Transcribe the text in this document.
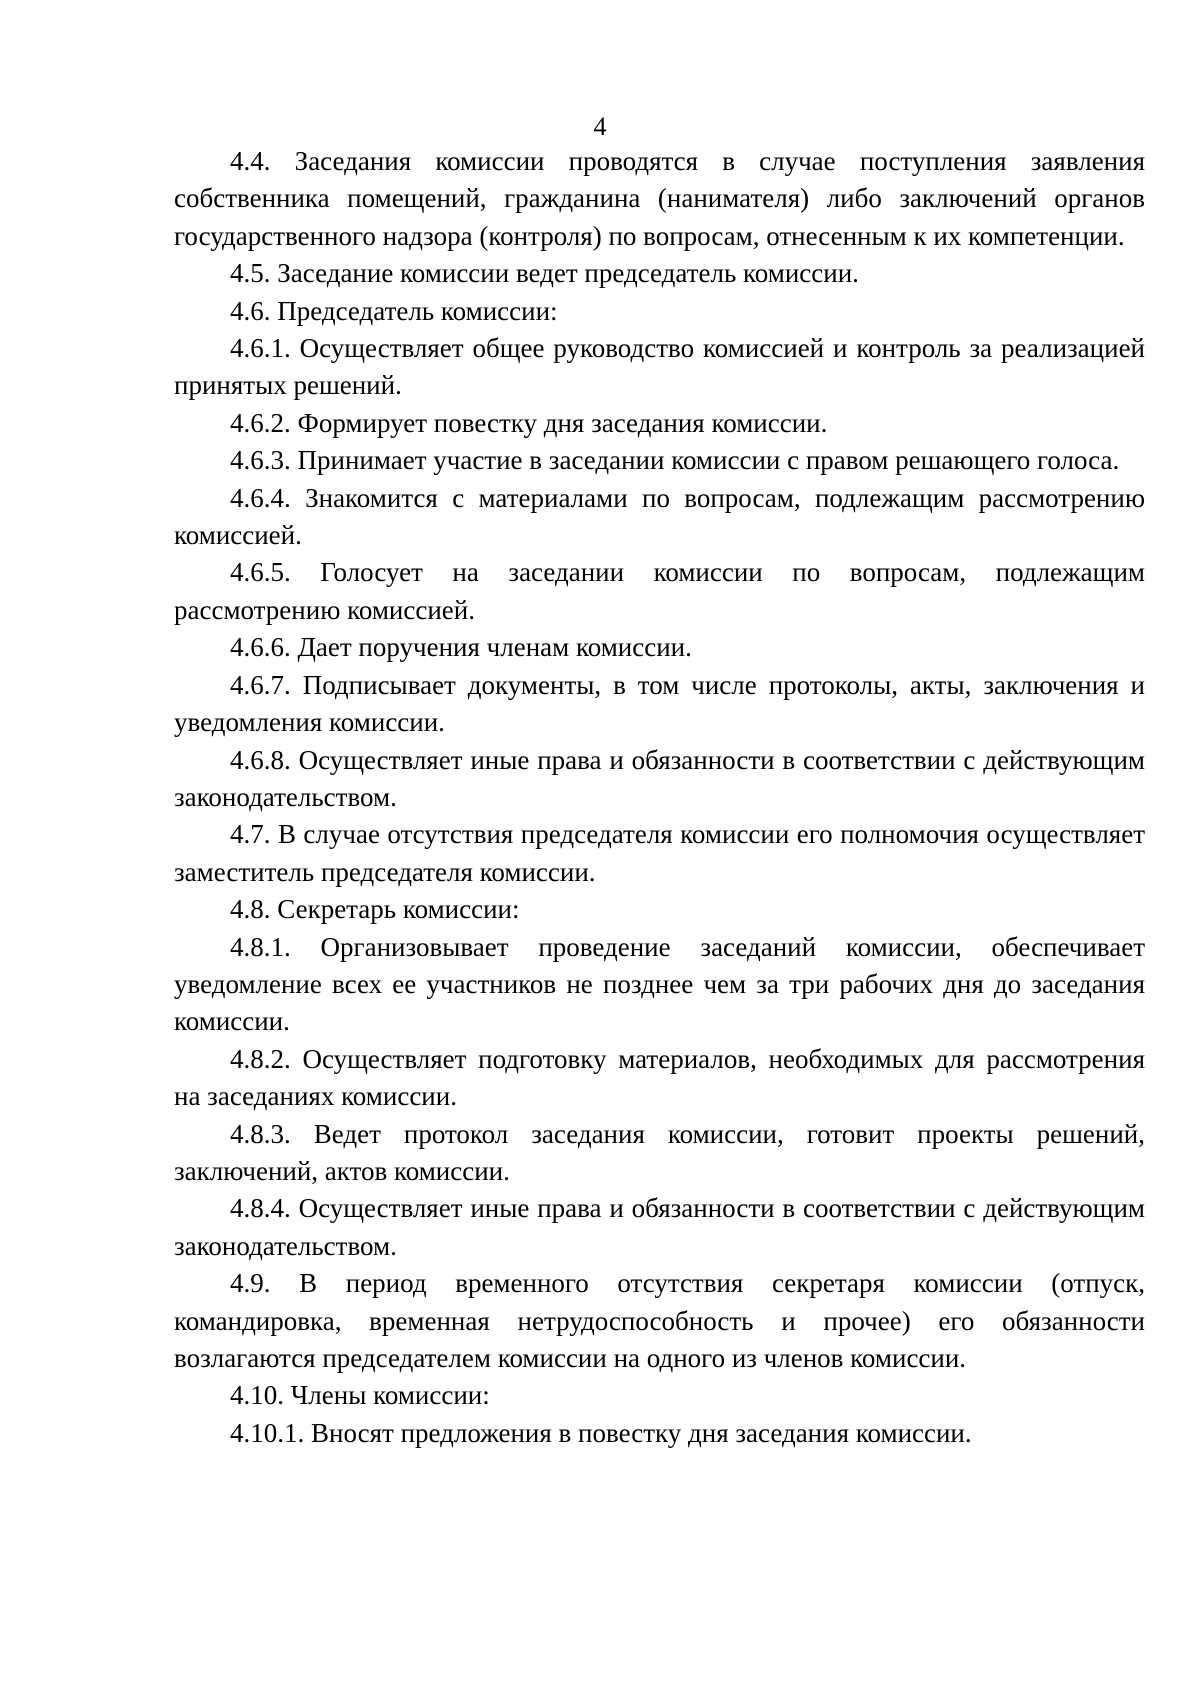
4

4.4. Заседания комиссии проводятся в случае поступления заявления собственника помещений, гражданина (нанимателя) либо заключений органов государственного надзора (контроля) по вопросам, отнесенным к их компетенции.

4.5. Заседание комиссии ведет председатель комиссии.

4.6. Председатель комиссии:

4.6.1. Осуществляет общее руководство комиссией и контроль за реализацией принятых решений.

4.6.2. Формирует повестку дня заседания комиссии.

4.6.3. Принимает участие в заседании комиссии с правом решающего голоса.

4.6.4. Знакомится с материалами по вопросам, подлежащим рассмотрению комиссией.

4.6.5. Голосует на заседании комиссии по вопросам, подлежащим рассмотрению комиссией.

4.6.6. Дает поручения членам комиссии.

4.6.7. Подписывает документы, в том числе протоколы, акты, заключения и уведомления комиссии.

4.6.8. Осуществляет иные права и обязанности в соответствии с действующим законодательством.

4.7. В случае отсутствия председателя комиссии его полномочия осуществляет заместитель председателя комиссии.

4.8. Секретарь комиссии:

4.8.1. Организовывает проведение заседаний комиссии, обеспечивает уведомление всех ее участников не позднее чем за три рабочих дня до заседания комиссии.

4.8.2. Осуществляет подготовку материалов, необходимых для рассмотрения на заседаниях комиссии.

4.8.3. Ведет протокол заседания комиссии, готовит проекты решений, заключений, актов комиссии.

4.8.4. Осуществляет иные права и обязанности в соответствии с действующим законодательством.

4.9. В период временного отсутствия секретаря комиссии (отпуск, командировка, временная нетрудоспособность и прочее) его обязанности возлагаются председателем комиссии на одного из членов комиссии.

4.10. Члены комиссии:

4.10.1. Вносят предложения в повестку дня заседания комиссии.
